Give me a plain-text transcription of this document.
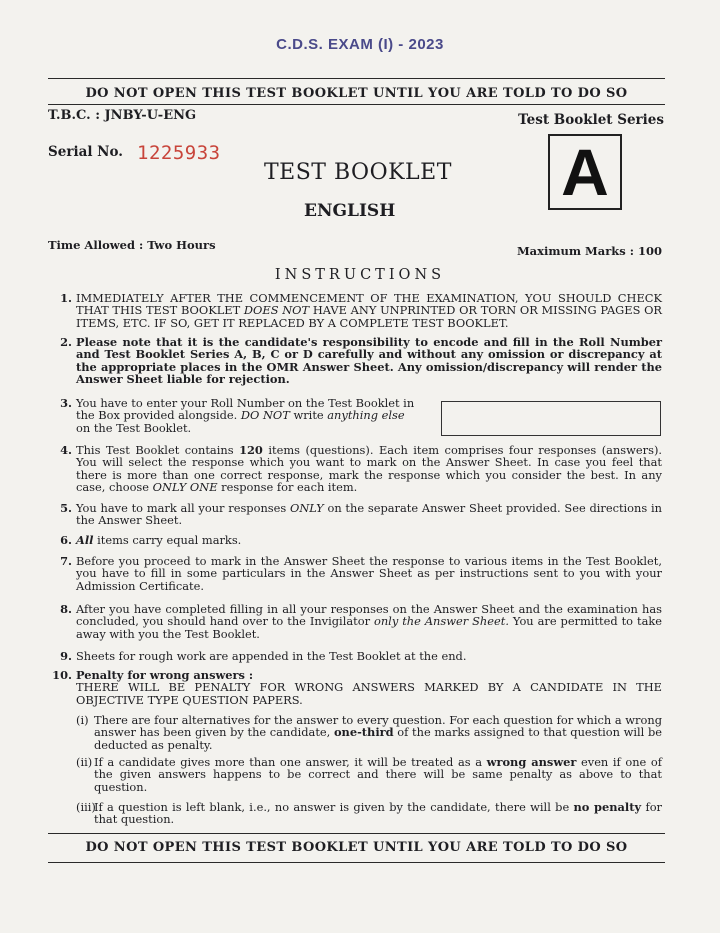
C.D.S. EXAM (I) - 2023
DO NOT OPEN THIS TEST BOOKLET UNTIL YOU ARE TOLD TO DO SO
T.B.C. : JNBY-U-ENG	Test Booklet Series
Serial No. 1225933
TEST BOOKLET
ENGLISH
A
Time Allowed : Two Hours	Maximum Marks : 100
INSTRUCTIONS
1. IMMEDIATELY AFTER THE COMMENCEMENT OF THE EXAMINATION, YOU SHOULD CHECK THAT THIS TEST BOOKLET DOES NOT HAVE ANY UNPRINTED OR TORN OR MISSING PAGES OR ITEMS, ETC. IF SO, GET IT REPLACED BY A COMPLETE TEST BOOKLET.
2. Please note that it is the candidate's responsibility to encode and fill in the Roll Number and Test Booklet Series A, B, C or D carefully and without any omission or discrepancy at the appropriate places in the OMR Answer Sheet. Any omission/discrepancy will render the Answer Sheet liable for rejection.
3. You have to enter your Roll Number on the Test Booklet in the Box provided alongside. DO NOT write anything else on the Test Booklet.
4. This Test Booklet contains 120 items (questions). Each item comprises four responses (answers). You will select the response which you want to mark on the Answer Sheet. In case you feel that there is more than one correct response, mark the response which you consider the best. In any case, choose ONLY ONE response for each item.
5. You have to mark all your responses ONLY on the separate Answer Sheet provided. See directions in the Answer Sheet.
6. All items carry equal marks.
7. Before you proceed to mark in the Answer Sheet the response to various items in the Test Booklet, you have to fill in some particulars in the Answer Sheet as per instructions sent to you with your Admission Certificate.
8. After you have completed filling in all your responses on the Answer Sheet and the examination has concluded, you should hand over to the Invigilator only the Answer Sheet. You are permitted to take away with you the Test Booklet.
9. Sheets for rough work are appended in the Test Booklet at the end.
10. Penalty for wrong answers :
THERE WILL BE PENALTY FOR WRONG ANSWERS MARKED BY A CANDIDATE IN THE OBJECTIVE TYPE QUESTION PAPERS.
(i) There are four alternatives for the answer to every question. For each question for which a wrong answer has been given by the candidate, one-third of the marks assigned to that question will be deducted as penalty.
(ii) If a candidate gives more than one answer, it will be treated as a wrong answer even if one of the given answers happens to be correct and there will be same penalty as above to that question.
(iii)
If a question is left blank, i.e., no answer is given by the candidate, there will be no penalty for that question.
DO NOT OPEN THIS TEST BOOKLET UNTIL YOU ARE TOLD TO DO SO
